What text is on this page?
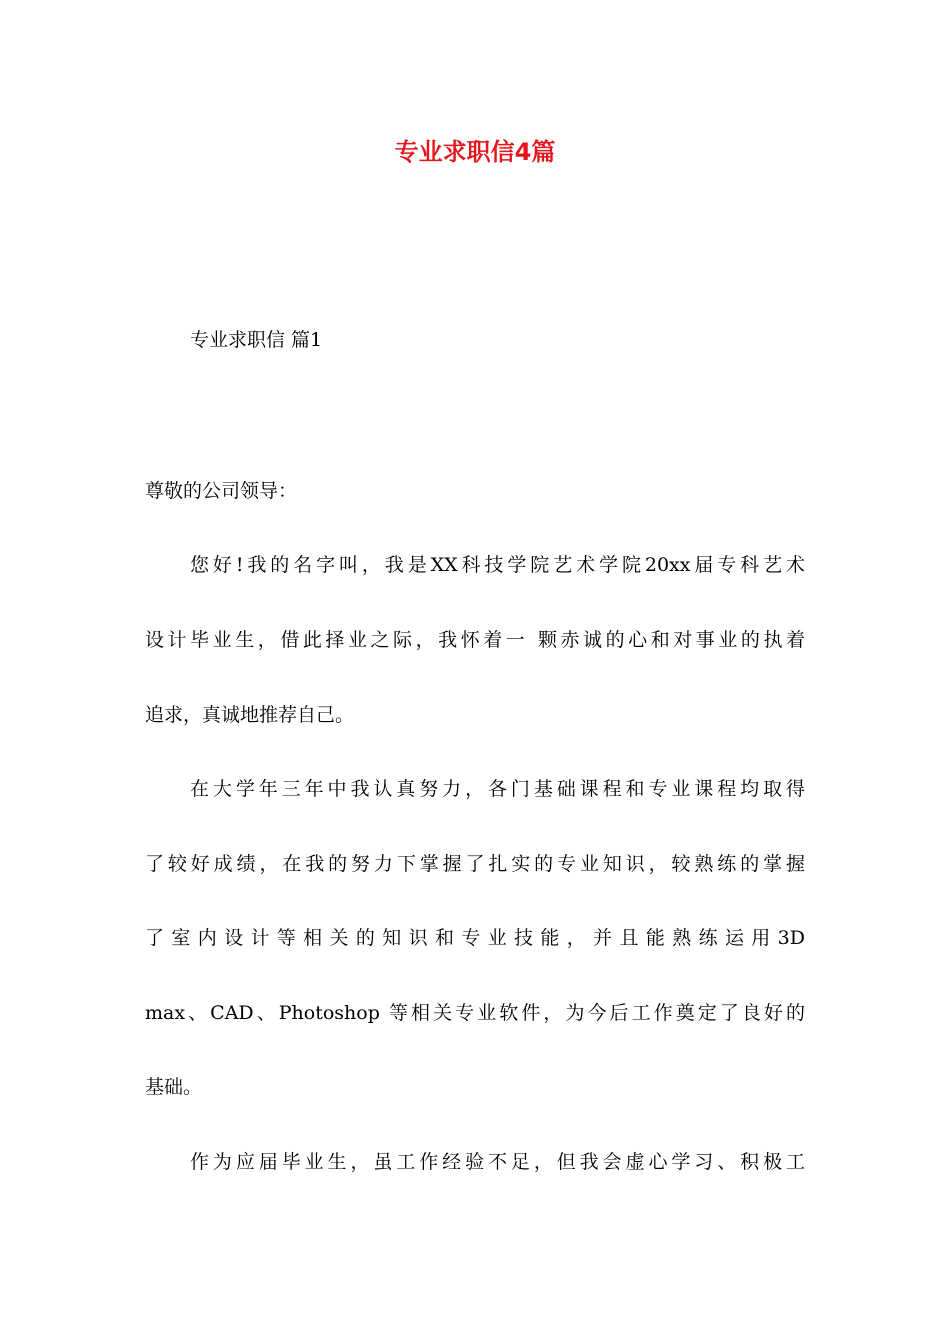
专业求职信4篇

专业求职信 篇1

尊敬的公司领导：

您好!我的名字叫，我是XX科技学院艺术学院20xx届专科艺术

设计毕业生，借此择业之际，我怀着一 颗赤诚的心和对事业的执着

追求，真诚地推荐自己。

在大学年三年中我认真努力，各门基础课程和专业课程均取得

了较好成绩，在我的努力下掌握了扎实的专业知识，较熟练的掌握

了室内设计等相关的知识和专业技能，并且能熟练运用3D

max、CAD、Photoshop 等相关专业软件，为今后工作奠定了良好的

基础。

作为应届毕业生，虽工作经验不足，但我会虚心学习、积极工
